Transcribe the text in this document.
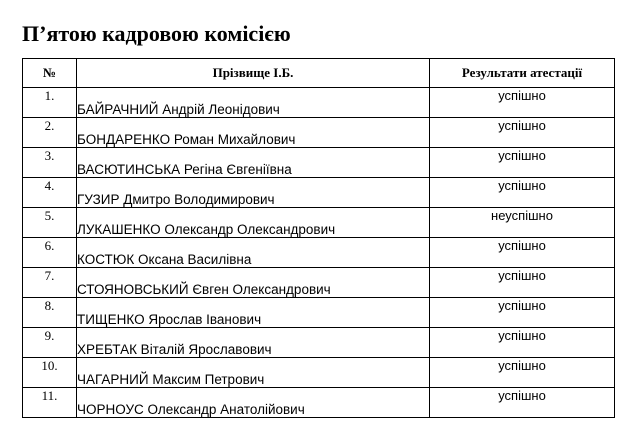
П’ятою кадровою комісією
№	Прізвище І.Б.	Результати атестації
1.	БАЙРАЧНИЙ Андрій Леонідович	успішно
2.	БОНДАРЕНКО Роман Михайлович	успішно
3.	ВАСЮТИНСЬКА Регіна Євгеніївна	успішно
4.	ГУЗИР Дмитро Володимирович	успішно
5.	ЛУКАШЕНКО Олександр Олександрович	неуспішно
6.	КОСТЮК Оксана Василівна	успішно
7.	СТОЯНОВСЬКИЙ Євген Олександрович	успішно
8.	ТИЩЕНКО Ярослав Іванович	успішно
9.	ХРЕБТАК Віталій Ярославович	успішно
10.	ЧАГАРНИЙ Максим Петрович	успішно
11.	ЧОРНОУС Олександр Анатолійович	успішно
